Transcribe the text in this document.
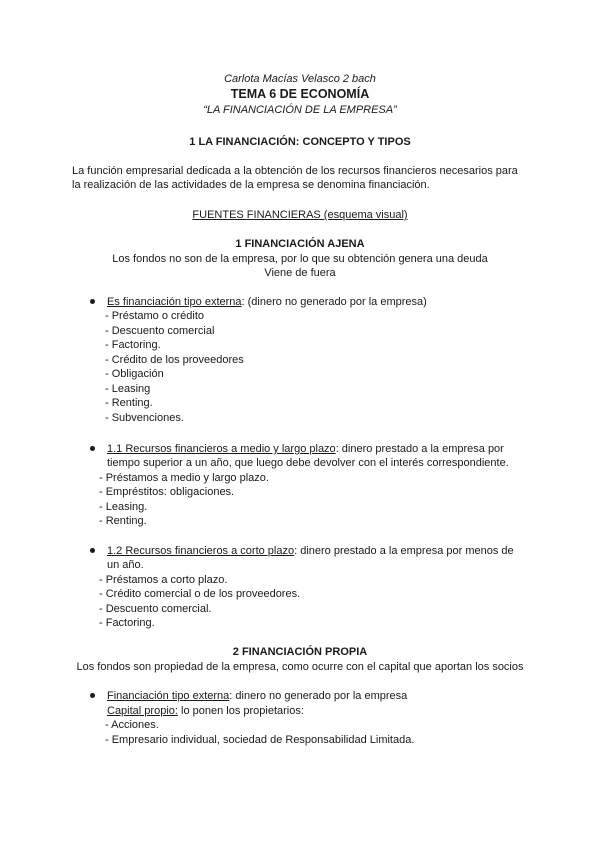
Carlota Macías Velasco 2 bach
TEMA 6 DE ECONOMÍA
“LA FINANCIACIÓN DE LA EMPRESA”
1 LA FINANCIACIÓN: CONCEPTO Y TIPOS
La función empresarial dedicada a la obtención de los recursos financieros necesarios para
la realización de las actividades de la empresa se denomina financiación.
FUENTES FINANCIERAS (esquema visual)
1 FINANCIACIÓN AJENA
Los fondos no son de la empresa, por lo que su obtención genera una deuda
Viene de fuera
Es financiación tipo externa: (dinero no generado por la empresa)
- Préstamo o crédito
- Descuento comercial
- Factoring.
- Crédito de los proveedores
- Obligación
- Leasing
- Renting.
- Subvenciones.
1.1 Recursos financieros a medio y largo plazo: dinero prestado a la empresa por
tiempo superior a un año, que luego debe devolver con el interés correspondiente.
- Préstamos a medio y largo plazo.
- Empréstitos: obligaciones.
- Leasing.
- Renting.
1.2 Recursos financieros a corto plazo: dinero prestado a la empresa por menos de
un año.
- Préstamos a corto plazo.
- Crédito comercial o de los proveedores.
- Descuento comercial.
- Factoring.
2 FINANCIACIÓN PROPIA
Los fondos son propiedad de la empresa, como ocurre con el capital que aportan los socios
Financiación tipo externa: dinero no generado por la empresa
Capital propio: lo ponen los propietarios:
- Acciones.
- Empresario individual, sociedad de Responsabilidad Limitada.
